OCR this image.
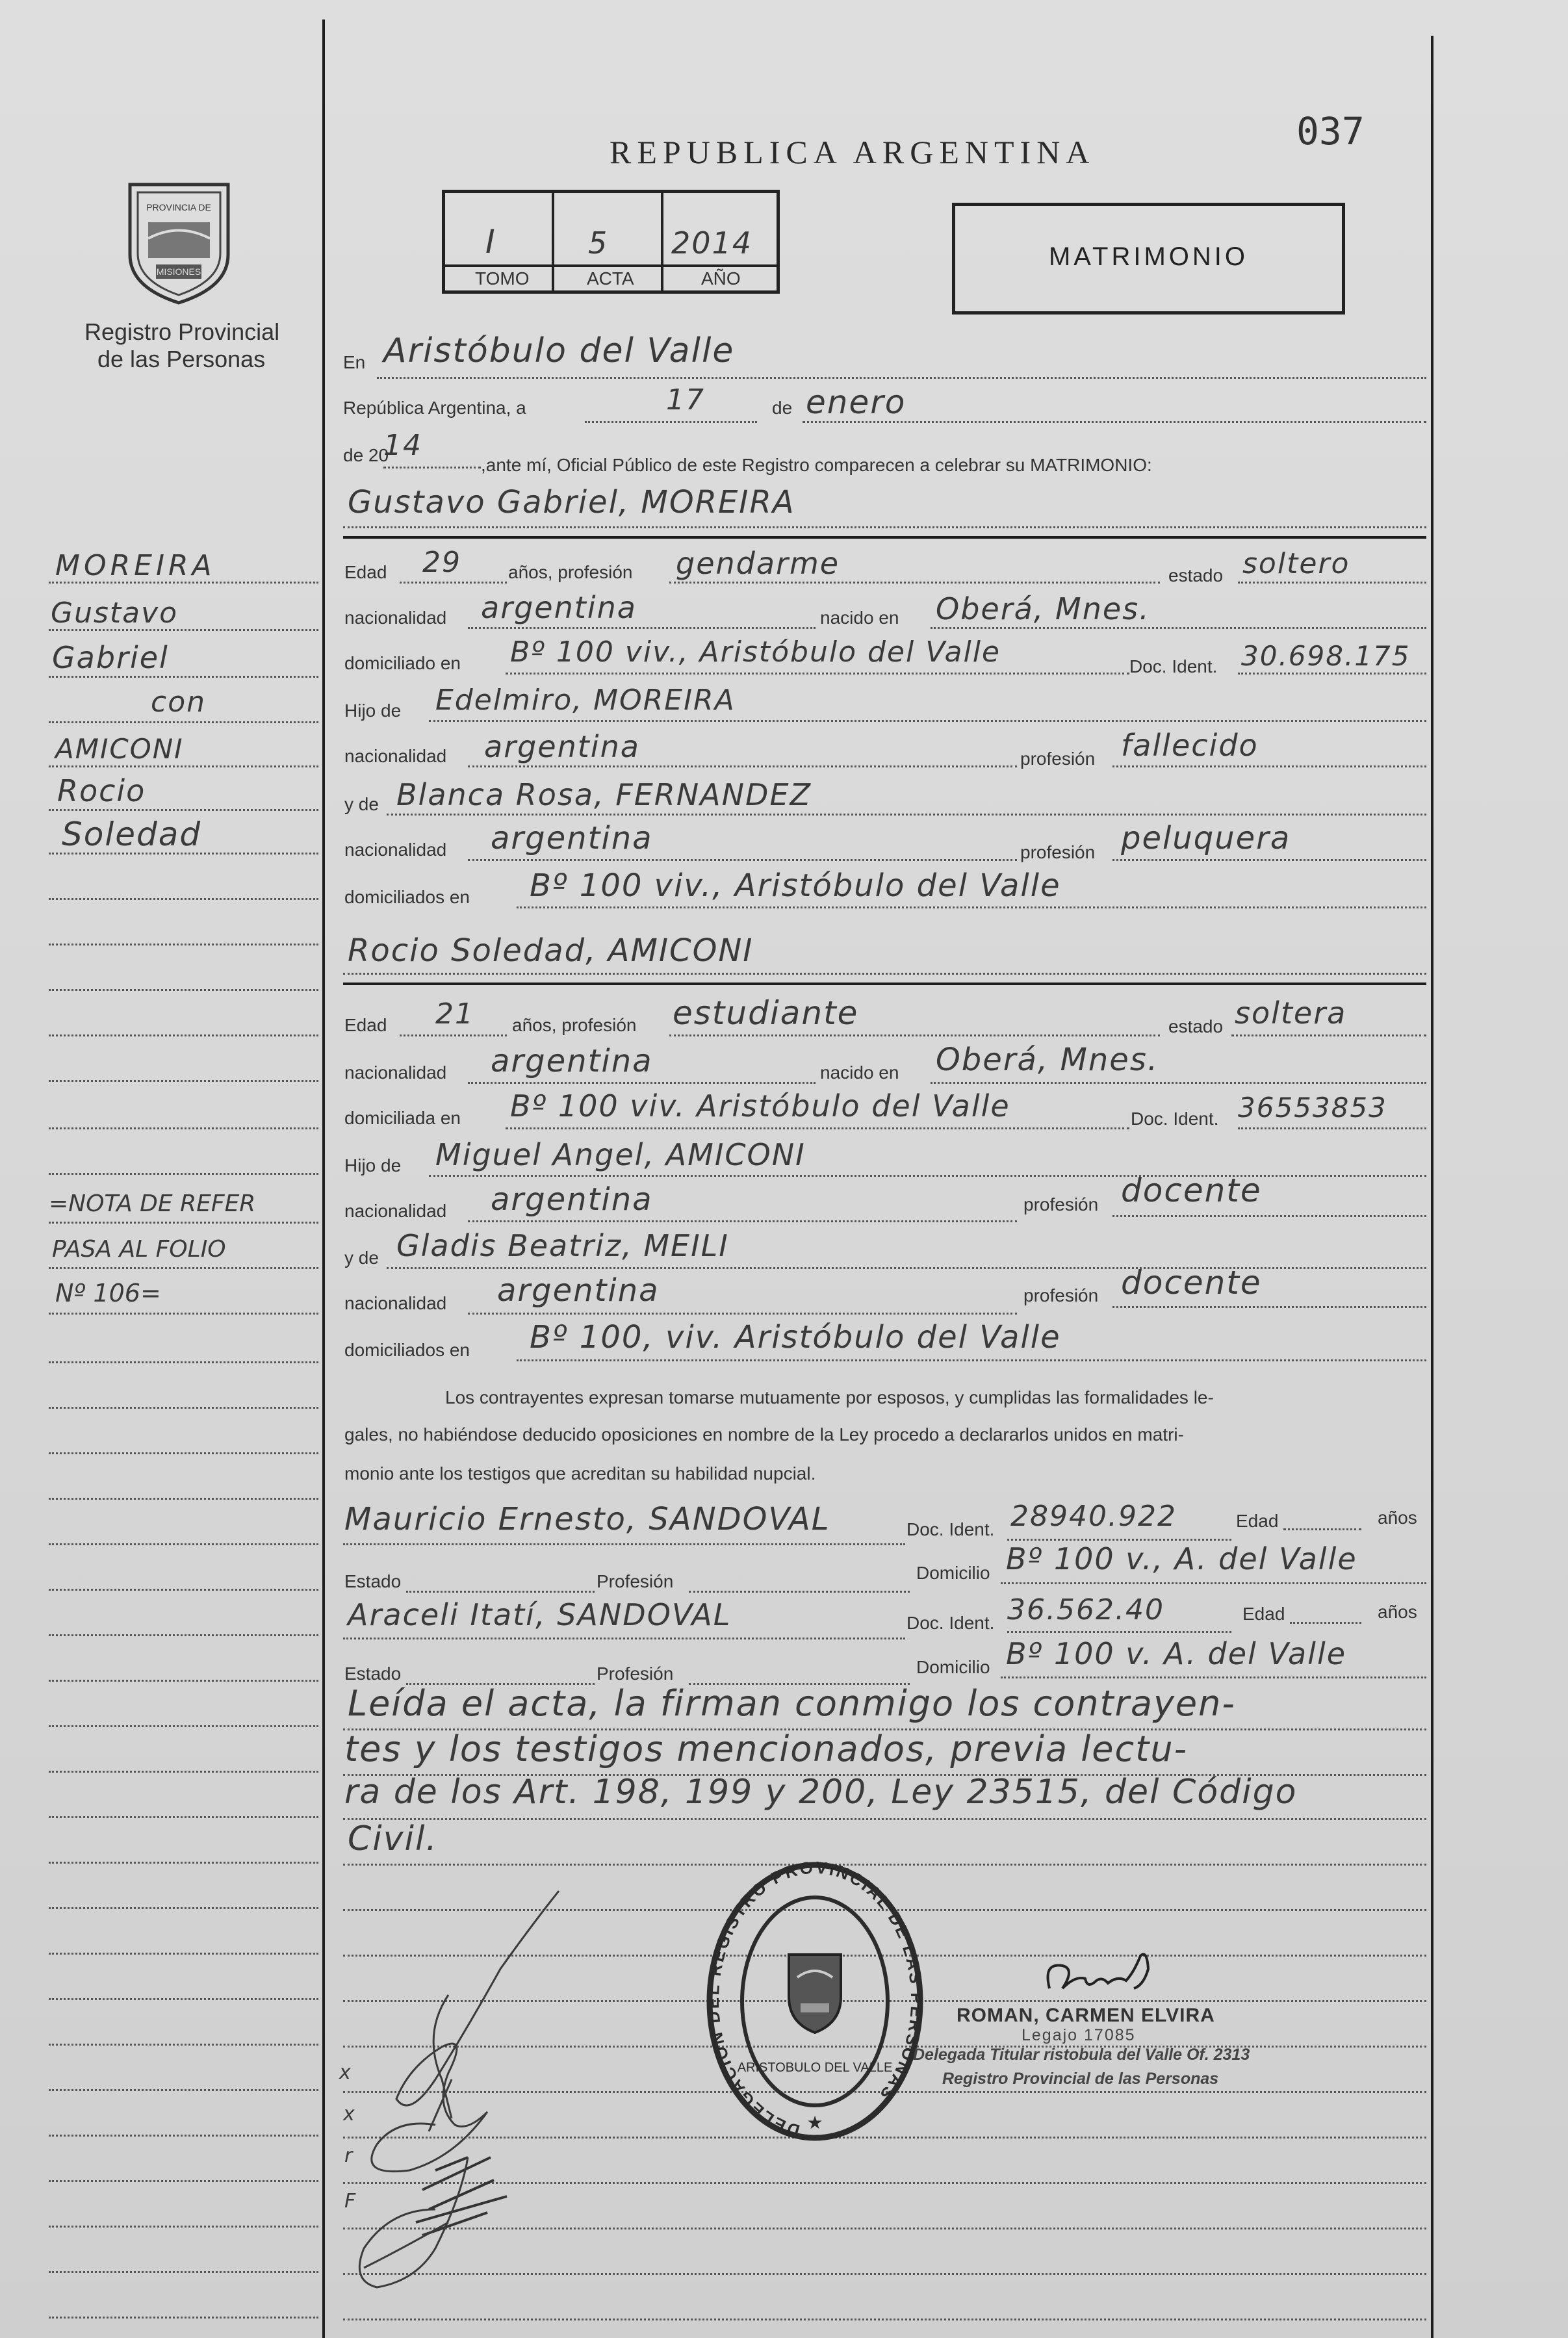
037
REPUBLICA ARGENTINA
PROVINCIA DE
MISIONES
Registro Provincial
de las Personas
I	5 2014
TOMO	ACTA	AÑO
MATRIMONIO
En Aristóbulo del Valle
República Argentina, a	17	de enero
de 20
14
,ante mí, Oficial Público de este Registro comparecen a celebrar su MATRIMONIO:
Gustavo Gabriel, MOREIRA
Edad 29	años, profesión gendarme	estado soltero
nacionalidad argentina	nacido en Oberá, Mnes.
domiciliado en Bº 100 viv., Aristóbulo del Valle	Doc. Ident. 30.698.175
Hijo de Edelmiro, MOREIRA
nacionalidad argentina	profesión fallecido
y de Blanca Rosa, FERNANDEZ
nacionalidad argentina	profesión peluquera
domiciliados en Bº 100 viv., Aristóbulo del Valle
Rocio Soledad, AMICONI
Edad 21 años, profesión estudiante	estado soltera
nacionalidad argentina	nacido en Oberá, Mnes.
domiciliada en Bº 100 viv. Aristóbulo del Valle	Doc. Ident. 36553853
Hijo de Miguel Angel, AMICONI
nacionalidad argentina	profesión docente
y de Gladis Beatriz, MEILI
nacionalidad argentina	profesión docente
domiciliados en Bº 100, viv. Aristóbulo del Valle
Los contrayentes expresan tomarse mutuamente por esposos, y cumplidas las formalidades le-
gales, no habiéndose deducido oposiciones en nombre de la Ley procedo a declararlos unidos en matri-
monio ante los testigos que acreditan su habilidad nupcial.
Mauricio Ernesto, SANDOVAL	Doc. Ident. 28940.922	Edad	años
Estado	Profesión	Domicilio Bº 100 v., A. del Valle
Araceli Itatí, SANDOVAL	Doc. Ident. 36.562.40	Edad	años
Estado	Profesión	Domicilio Bº 100 v. A. del Valle
Leída el acta, la firman conmigo los contrayen-
tes y los testigos mencionados, previa lectu-
ra de los Art. 198, 199 y 200, Ley 23515, del Código
Civil.
DELEGACION DEL REGISTRO PROVINCIAL DE LAS PERSONAS
ARISTOBULO DEL VALLE
★
ROMAN, CARMEN ELVIRA
Legajo 17085
Delegada Titular ristobula del Valle Of. 2313
Registro Provincial de las Personas
x
x
r
F
MOREIRA
Gustavo
Gabriel
con
AMICONI
Rocio
Soledad
=NOTA DE REFER
PASA AL FOLIO
Nº 106=
